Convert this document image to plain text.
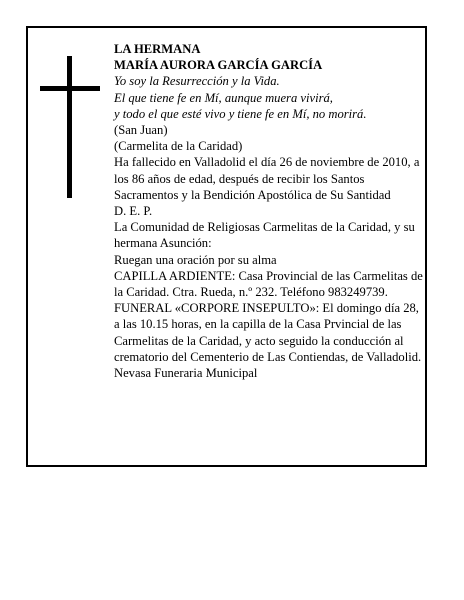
LA HERMANA

MARÍA AURORA GARCÍA GARCÍA

Yo soy la Resurrección y la Vida.

El que tiene fe en Mí, aunque muera vivirá,

y todo el que esté vivo y tiene fe en Mí, no morirá.

(San Juan)

(Carmelita de la Caridad)

Ha fallecido en Valladolid el día 26 de noviembre de 2010, a los 86 años de edad, después de recibir los Santos Sacramentos y la Bendición Apostólica de Su Santidad

D. E. P.

La Comunidad de Religiosas Carmelitas de la Caridad, y su hermana Asunción:

Ruegan una oración por su alma

CAPILLA ARDIENTE: Casa Provincial de las Carmelitas de la Caridad. Ctra. Rueda, n.º 232. Teléfono 983249739.

FUNERAL «CORPORE INSEPULTO»: El domingo día 28, a las 10.15 horas, en la capilla de la Casa Prvincial de las Carmelitas de la Caridad, y acto seguido la conducción al crematorio del Cementerio de Las Contiendas, de Valladolid.

Nevasa Funeraria Municipal
